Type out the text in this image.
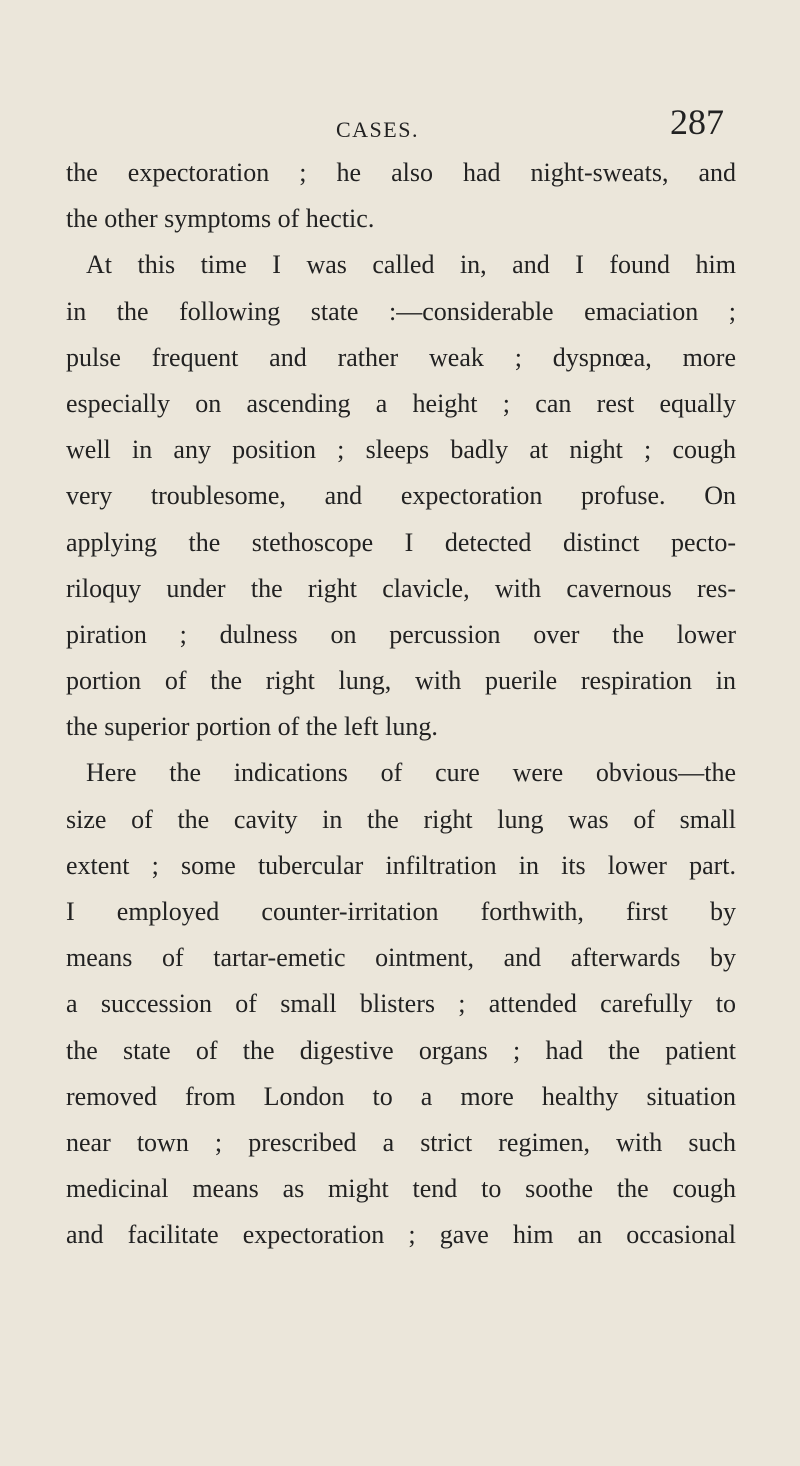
CASES.	287
the expectoration ; he also had night-sweats, and
the other symptoms of hectic.
At this time I was called in, and I found him
in the following state :—considerable emaciation ;
pulse frequent and rather weak ; dyspnœa, more
especially on ascending a height ; can rest equally
well in any position ; sleeps badly at night ; cough
very troublesome, and expectoration profuse. On
applying the stethoscope I detected distinct pecto-
riloquy under the right clavicle, with cavernous res-
piration ; dulness on percussion over the lower
portion of the right lung, with puerile respiration in
the superior portion of the left lung.
Here the indications of cure were obvious—the
size of the cavity in the right lung was of small
extent ; some tubercular infiltration in its lower part.
I employed counter-irritation forthwith, first by
means of tartar-emetic ointment, and afterwards by
a succession of small blisters ; attended carefully to
the state of the digestive organs ; had the patient
removed from London to a more healthy situation
near town ; prescribed a strict regimen, with such
medicinal means as might tend to soothe the cough
and facilitate expectoration ; gave him an occasional
